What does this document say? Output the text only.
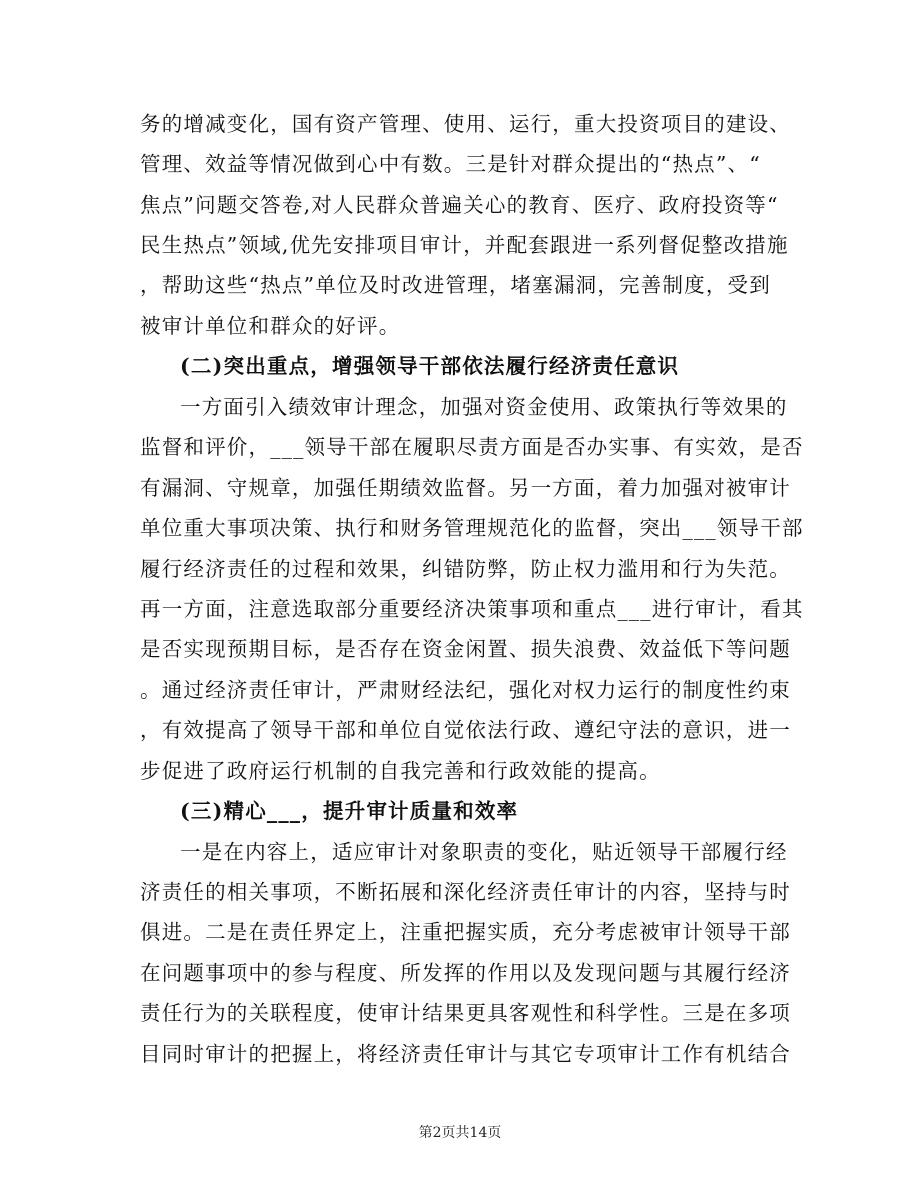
务的增减变化，国有资产管理、使用、运行，重大投资项目的建设、
管理、效益等情况做到心中有数。三是针对群众提出的“热点”、“
焦点”问题交答卷,对人民群众普遍关心的教育、医疗、政府投资等“
民生热点”领域,优先安排项目审计，并配套跟进一系列督促整改措施
，帮助这些“热点”单位及时改进管理，堵塞漏洞，完善制度，受到
被审计单位和群众的好评。
(二)突出重点，增强领导干部依法履行经济责任意识
一方面引入绩效审计理念，加强对资金使用、政策执行等效果的
监督和评价，___领导干部在履职尽责方面是否办实事、有实效，是否
有漏洞、守规章，加强任期绩效监督。另一方面，着力加强对被审计
单位重大事项决策、执行和财务管理规范化的监督，突出___领导干部
履行经济责任的过程和效果，纠错防弊，防止权力滥用和行为失范。
再一方面，注意选取部分重要经济决策事项和重点___进行审计，看其
是否实现预期目标，是否存在资金闲置、损失浪费、效益低下等问题
。通过经济责任审计，严肃财经法纪，强化对权力运行的制度性约束
，有效提高了领导干部和单位自觉依法行政、遵纪守法的意识，进一
步促进了政府运行机制的自我完善和行政效能的提高。
(三)精心___，提升审计质量和效率
一是在内容上，适应审计对象职责的变化，贴近领导干部履行经
济责任的相关事项，不断拓展和深化经济责任审计的内容，坚持与时
俱进。二是在责任界定上，注重把握实质，充分考虑被审计领导干部
在问题事项中的参与程度、所发挥的作用以及发现问题与其履行经济
责任行为的关联程度，使审计结果更具客观性和科学性。三是在多项
目同时审计的把握上，将经济责任审计与其它专项审计工作有机结合
第2页共14页
